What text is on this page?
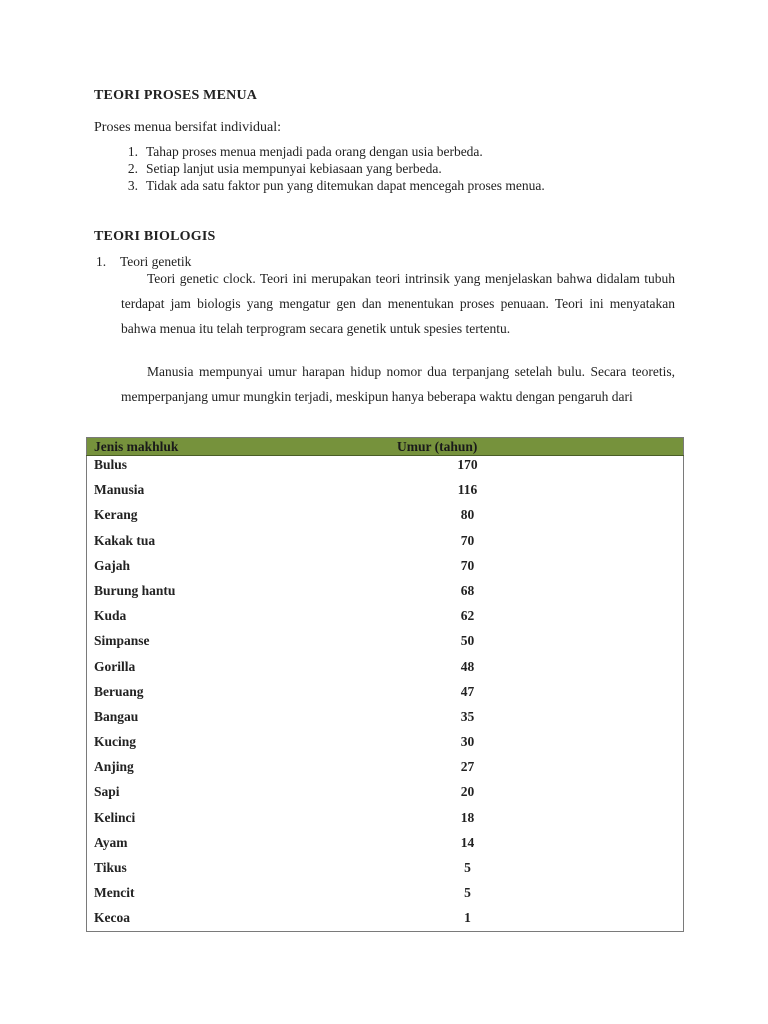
TEORI PROSES MENUA

Proses menua bersifat individual:

1. Tahap proses menua menjadi pada orang dengan usia berbeda.
2. Setiap lanjut usia mempunyai kebiasaan yang berbeda.
3. Tidak ada satu faktor pun yang ditemukan dapat mencegah proses menua.
TEORI BIOLOGIS
1. Teori genetik

Teori genetic clock. Teori ini merupakan teori intrinsik yang menjelaskan bahwa didalam tubuh terdapat jam biologis yang mengatur gen dan menentukan proses penuaan. Teori ini menyatakan bahwa menua itu telah terprogram secara genetik untuk spesies tertentu.

Manusia mempunyai umur harapan hidup nomor dua terpanjang setelah bulu. Secara teoretis, memperpanjang umur mungkin terjadi, meskipun hanya beberapa waktu dengan pengaruh dari

Jenis makhluk	Umur (tahun)
Bulus	170
Manusia	116
Kerang	80
Kakak tua	70
Gajah	70
Burung hantu	68
Kuda	62
Simpanse	50
Gorilla	48
Beruang	47
Bangau	35
Kucing	30
Anjing	27
Sapi	20
Kelinci	18
Ayam	14
Tikus	5
Mencit	5
Kecoa	1
